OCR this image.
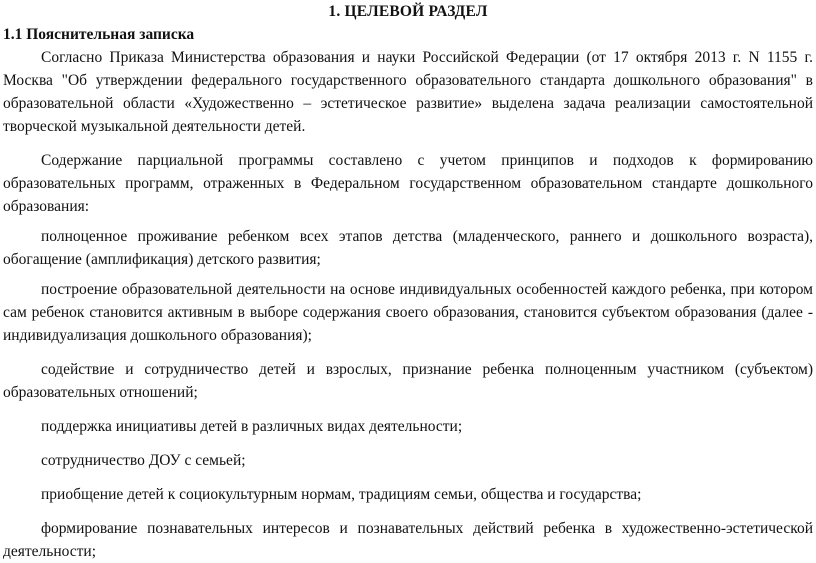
1. ЦЕЛЕВОЙ РАЗДЕЛ
1.1 Пояснительная записка

Согласно Приказа Министерства образования и науки Российской Федерации (от 17 октября 2013 г. N 1155 г. Москва "Об утверждении федерального государственного образовательного стандарта дошкольного образования" в образовательной области «Художественно – эстетическое развитие» выделена задача реализации самостоятельной творческой музыкальной деятельности детей.

Содержание парциальной программы составлено с учетом принципов и подходов к формированию образовательных программ, отраженных в Федеральном государственном образовательном стандарте дошкольного образования:

полноценное проживание ребенком всех этапов детства (младенческого, раннего и дошкольного возраста), обогащение (амплификация) детского развития;

построение образовательной деятельности на основе индивидуальных особенностей каждого ребенка, при котором сам ребенок становится активным в выборе содержания своего образования, становится субъектом образования (далее - индивидуализация дошкольного образования);

содействие и сотрудничество детей и взрослых, признание ребенка полноценным участником (субъектом) образовательных отношений;

поддержка инициативы детей в различных видах деятельности;

сотрудничество ДОУ с семьей;

приобщение детей к социокультурным нормам, традициям семьи, общества и государства;

формирование познавательных интересов и познавательных действий ребенка в художественно-эстетической деятельности;
